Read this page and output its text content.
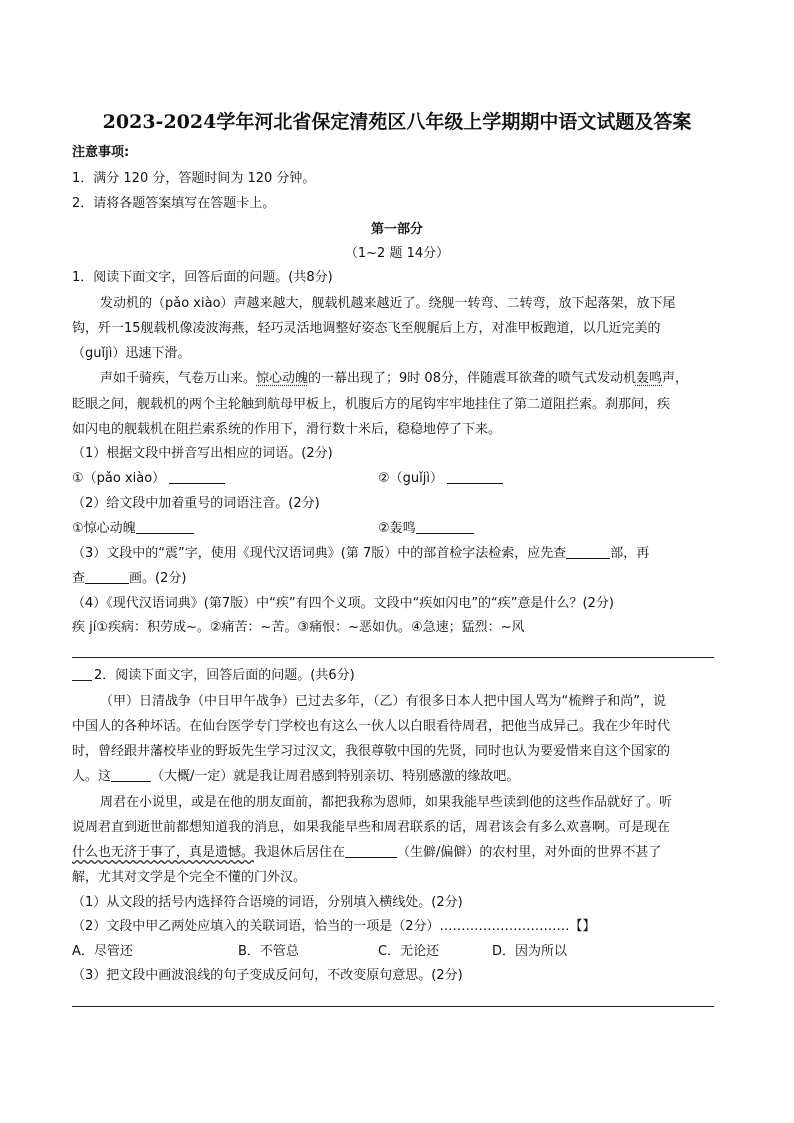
2023-2024学年河北省保定清苑区八年级上学期期中语文试题及答案
注意事项:
1．满分 120 分，答题时间为 120 分钟。
2．请将各题答案填写在答题卡上。
第一部分
（1~2 题 14分）
1．阅读下面文字，回答后面的问题。(共8分)
发动机的（pǎo xiào）声越来越大，舰载机越来越近了。绕舰一转弯、二转弯，放下起落架，放下尾
钩，歼一15舰载机像凌波海燕，轻巧灵活地调整好姿态飞至舰艉后上方，对准甲板跑道，以几近完美的
（guǐjì）迅速下滑。
声如千骑疾，气卷万山来。惊心动魄的一幕出现了；9时 08分，伴随震耳欲聋的喷气式发动机轰鸣声，
眨眼之间，舰载机的两个主轮触到航母甲板上，机腹后方的尾钩牢牢地挂住了第二道阻拦索。刹那间，疾
如闪电的舰载机在阻拦索系统的作用下，滑行数十米后，稳稳地停了下来。
（1）根据文段中拼音写出相应的词语。(2分)
①（pǎo xiào）	②（guǐjì）
（2）给文段中加着重号的词语注音。(2分)
①惊心动魄	②轰鸣
（3）文段中的“震”字，使用《现代汉语词典》(第 7版）中的部首检字法检索，应先查	部，再
查	画。(2分)
（4）《现代汉语词典》(第7版）中“疾”有四个义项。文段中“疾如闪电”的“疾”意是什么？(2分)
疾 jí①疾病：积劳成~。②痛苦：~苦。③痛恨：~恶如仇。④急速；猛烈：~风
2．阅读下面文字，回答后面的问题。(共6分)
（甲）日清战争（中日甲午战争）已过去多年，（乙）有很多日本人把中国人骂为“梳辫子和尚”，说
中国人的各种坏话。在仙台医学专门学校也有这么一伙人以白眼看待周君，把他当成异己。我在少年时代
时，曾经跟井藩校毕业的野坂先生学习过汉文，我很尊敬中国的先贤，同时也认为要爱惜来自这个国家的
人。这	（大概/一定）就是我让周君感到特别亲切、特别感激的缘故吧。
周君在小说里，或是在他的朋友面前，都把我称为恩师，如果我能早些读到他的这些作品就好了。听
说周君直到逝世前都想知道我的消息，如果我能早些和周君联系的话，周君该会有多么欢喜啊。可是现在
什么也无济于事了，真是遗憾。我退休后居住在	（生僻/偏僻）的农村里，对外面的世界不甚了
解，尤其对文学是个完全不懂的门外汉。
（1）从文段的括号内选择符合语境的词语，分别填入横线处。(2分)
（2）文段中甲乙两处应填入的关联词语，恰当的一项是（2分）…………………………【】
A．尽管还	B．不管总	C．无论还	D．因为所以
（3）把文段中画波浪线的句子变成反问句，不改变原句意思。(2分)
